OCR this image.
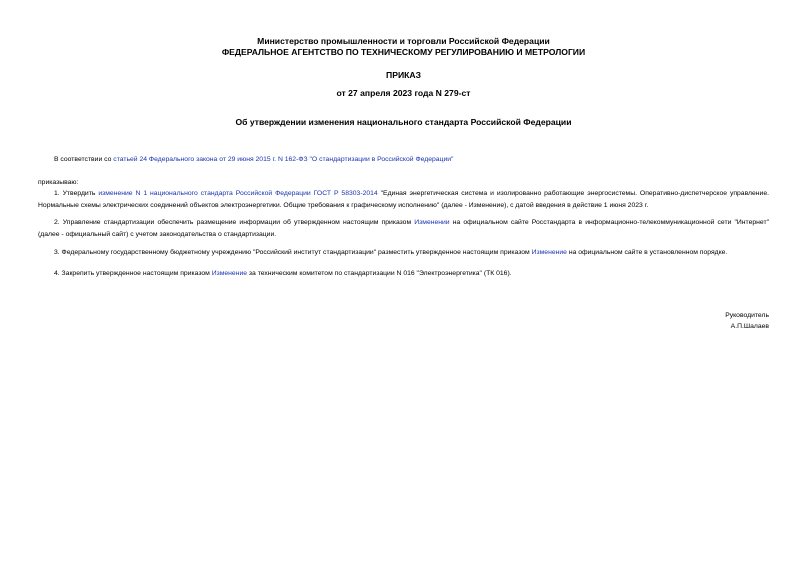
Министерство промышленности и торговли Российской Федерации
ФЕДЕРАЛЬНОЕ АГЕНТСТВО ПО ТЕХНИЧЕСКОМУ РЕГУЛИРОВАНИЮ И МЕТРОЛОГИИ
ПРИКАЗ
от 27 апреля 2023 года N 279-ст
Об утверждении изменения национального стандарта Российской Федерации
В соответствии со статьей 24 Федерального закона от 29 июня 2015 г. N 162-ФЗ "О стандартизации в Российской Федерации"
приказываю:
1. Утвердить изменение N 1 национального стандарта Российской Федерации ГОСТ Р 58303-2014 "Единая энергетическая система и изолированно работающие энергосистемы. Оперативно-диспетчерское управление. Нормальные схемы электрических соединений объектов электроэнергетики. Общие требования к графическому исполнению" (далее - Изменение), с датой введения в действие 1 июня 2023 г.
2. Управление стандартизации обеспечить размещение информации об утвержденном настоящим приказом Изменении на официальном сайте Росстандарта в информационно-телекоммуникационной сети "Интернет" (далее - официальный сайт) с учетом законодательства о стандартизации.
3. Федеральному государственному бюджетному учреждению "Российский институт стандартизации" разместить утвержденное настоящим приказом Изменение на официальном сайте в установленном порядке.
4. Закрепить утвержденное настоящим приказом Изменение за техническим комитетом по стандартизации N 016 "Электроэнергетика" (ТК 016).
Руководитель
А.П.Шалаев
